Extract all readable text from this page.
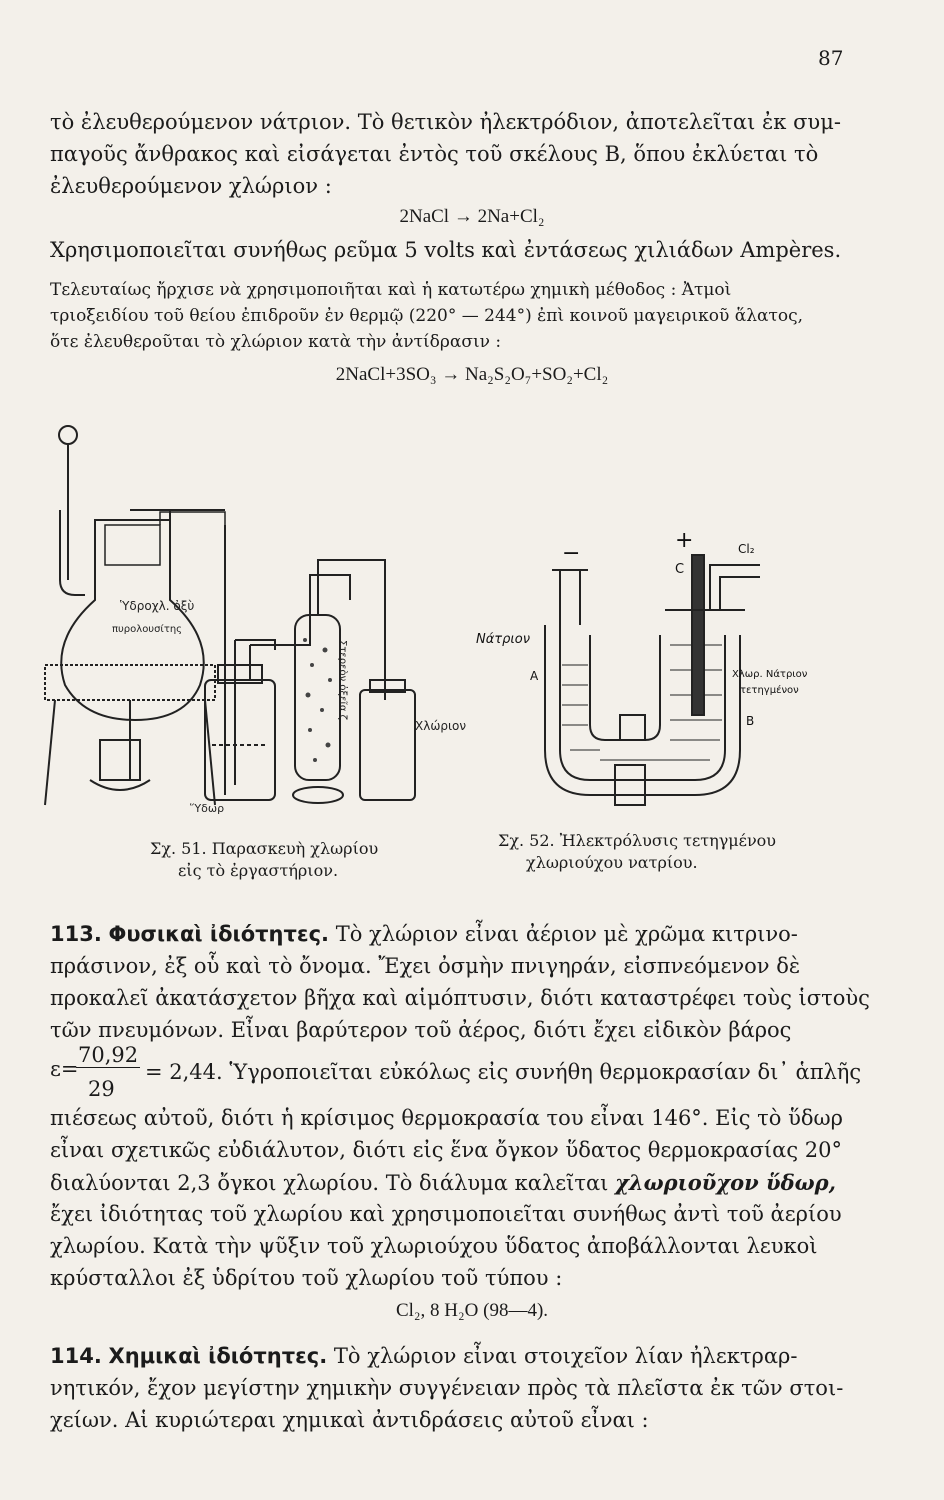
87
τὸ ἐλευθερούμενον νάτριον. Τὸ θετικὸν ἠλεκτρόδιον, ἀποτελεῖται ἐκ συμ-
παγοῦς ἄνθρακος καὶ εἰσάγεται ἐντὸς τοῦ σκέλους B, ὅπου ἐκλύεται τὸ
ἐλευθερούμενον χλώριον :
2NaCl → 2Na+Cl₂
Χρησιμοποιεῖται συνήθως ρεῦμα 5 volts καὶ ἐντάσεως χιλιάδων Ampères.
Τελευταίως ἤρχισε νὰ χρησιμοποιῆται καὶ ἡ κατωτέρω χημικὴ μέθοδος : Ἀτμοὶ
τριοξειδίου τοῦ θείου ἐπιδροῦν ἐν θερμῷ (220° — 244°) ἐπὶ κοινοῦ μαγειρικοῦ ἅλατος,
ὅτε ἐλευθεροῦται τὸ χλώριον κατὰ τὴν ἀντίδρασιν :
2NaCl+3SO₃ → Na₂S₂O₇+SO₂+Cl₂
Ὑδροχλ. ὀξὺ
πυρολουσίτης
Στερεὸν ὀξεῖα ζ
Χλώριον
Ὕδωρ
+
−
C
Cl₂
Νάτριον
A
B
Χλωρ. Νάτριον
τετηγμένον
Σχ. 51. Παρασκευὴ χλωρίου
εἰς τὸ ἐργαστήριον.
Σχ. 52. Ἠλεκτρόλυσις τετηγμένου
χλωριούχου νατρίου.
113. Φυσικαὶ ἰδιότητες. Τὸ χλώριον εἶναι ἀέριον μὲ χρῶμα κιτρινο-
πράσινον, ἐξ οὗ καὶ τὸ ὄνομα. Ἔχει ὀσμὴν πνιγηράν, εἰσπνεόμενον δὲ
προκαλεῖ ἀκατάσχετον βῆχα καὶ αἱμόπτυσιν, διότι καταστρέφει τοὺς ἱστοὺς
τῶν πνευμόνων. Εἶναι βαρύτερον τοῦ ἀέρος, διότι ἔχει εἰδικὸν βάρος
ε=
70,92
29
= 2,44. Ὑγροποιεῖται εὐκόλως εἰς συνήθη θερμοκρασίαν δι᾽ ἁπλῆς
πιέσεως αὐτοῦ, διότι ἡ κρίσιμος θερμοκρασία του εἶναι 146°. Εἰς τὸ ὕδωρ
εἶναι σχετικῶς εὐδιάλυτον, διότι εἰς ἕνα ὄγκον ὕδατος θερμοκρασίας 20°
διαλύονται 2,3 ὄγκοι χλωρίου. Τὸ διάλυμα καλεῖται χλωριοῦχον ὕδωρ,
ἔχει ἰδιότητας τοῦ χλωρίου καὶ χρησιμοποιεῖται συνήθως ἀντὶ τοῦ ἀερίου
χλωρίου. Κατὰ τὴν ψῦξιν τοῦ χλωριούχου ὕδατος ἀποβάλλονται λευκοὶ
κρύσταλλοι ἐξ ὑδρίτου τοῦ χλωρίου τοῦ τύπου :
Cl₂, 8 H₂O (98—4).
114. Χημικαὶ ἰδιότητες. Τὸ χλώριον εἶναι στοιχεῖον λίαν ἠλεκτραρ-
νητικόν, ἔχον μεγίστην χημικὴν συγγένειαν πρὸς τὰ πλεῖστα ἐκ τῶν στοι-
χείων. Αἱ κυριώτεραι χημικαὶ ἀντιδράσεις αὐτοῦ εἶναι :
